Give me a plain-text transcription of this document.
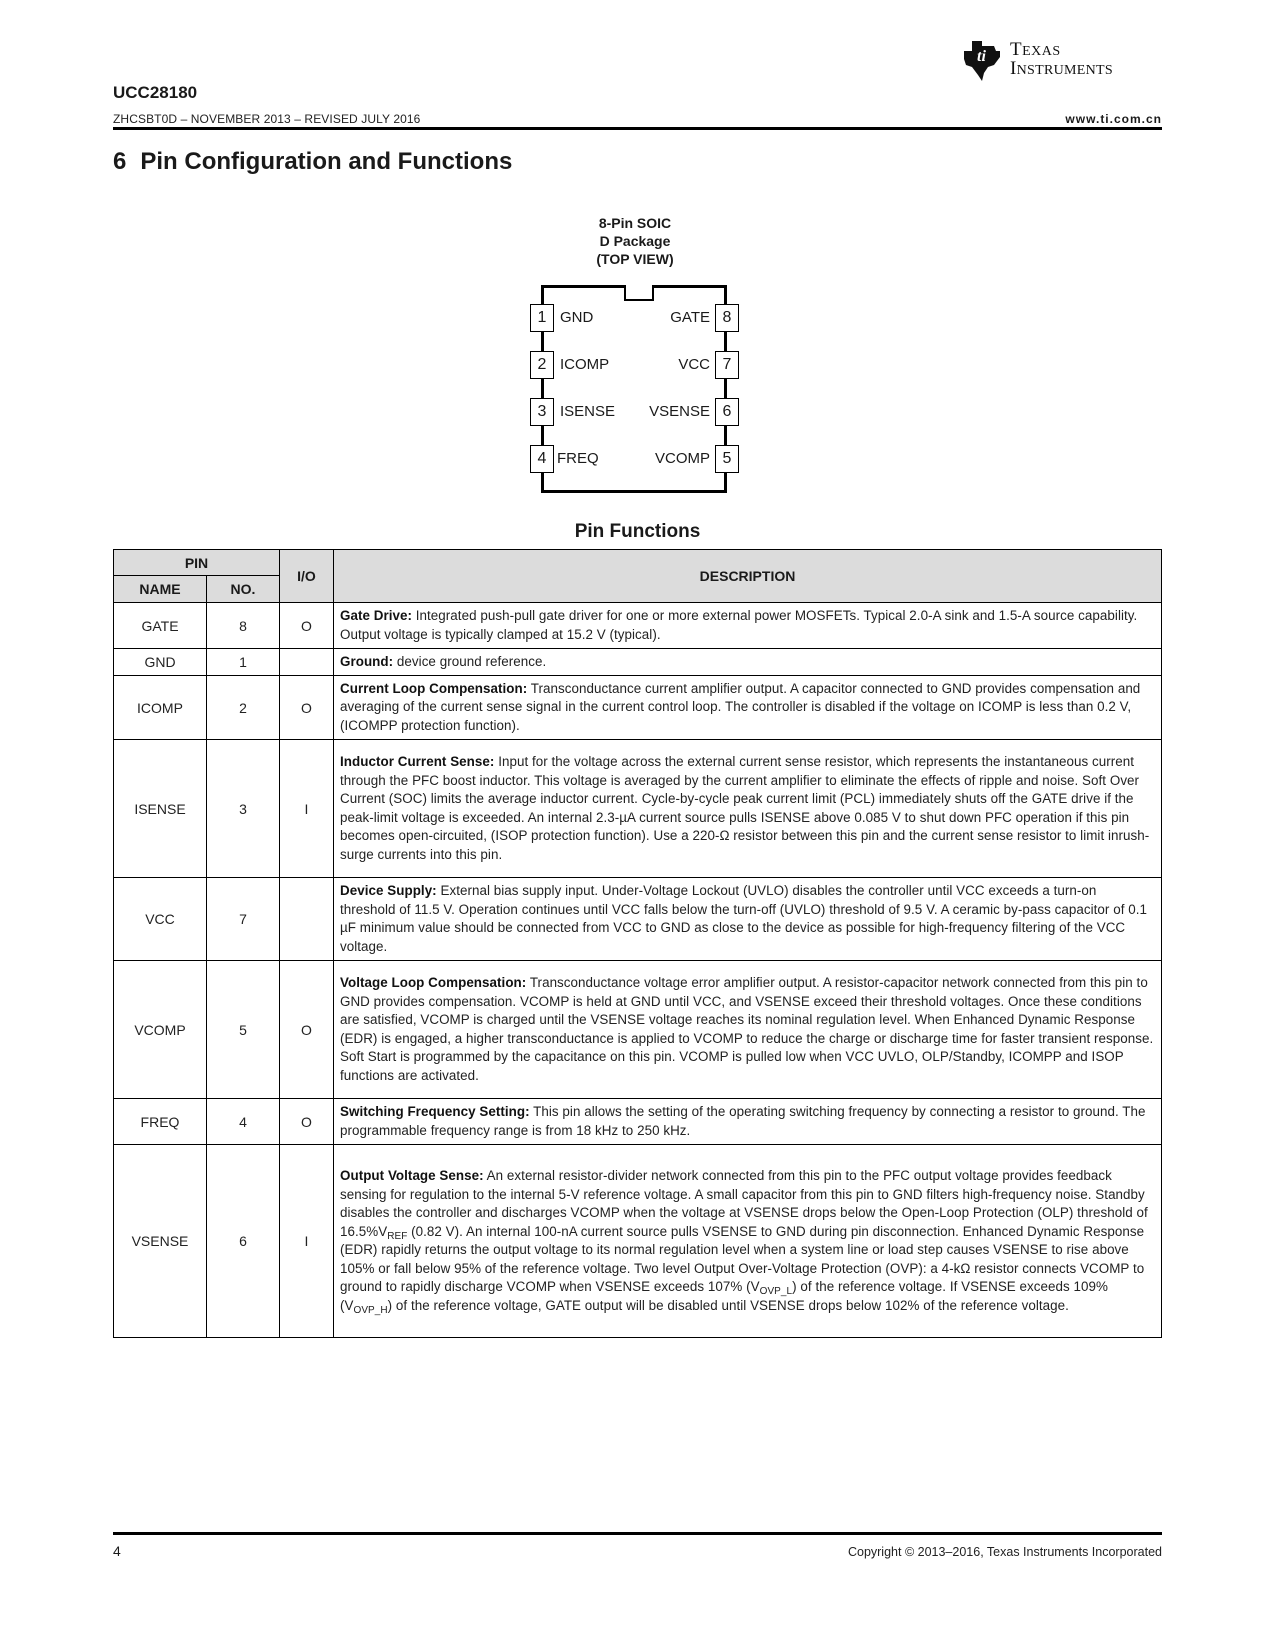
ti TEXAS
INSTRUMENTS
UCC28180
ZHCSBT0D – NOVEMBER 2013 – REVISED JULY 2016	www.ti.com.cn
6 Pin Configuration and Functions
8-Pin SOIC
D Package
(TOP VIEW)
1 GND
2 ICOMP
3 ISENSE
4 FREQ
8
GATE
7
VCC
6
VSENSE
5
VCOMP
Pin Functions
PIN		I/O	DESCRIPTION
NAME	NO.		
GATE	8	O	Gate Drive: Integrated push-pull gate driver for one or more external power MOSFETs. Typical 2.0-A sink and 1.5-A source capability. Output voltage is typically clamped at 15.2 V (typical).
GND	1		Ground: device ground reference.
ICOMP	2	O	Current Loop Compensation: Transconductance current amplifier output. A capacitor connected to GND provides compensation and averaging of the current sense signal in the current control loop. The controller is disabled if the voltage on ICOMP is less than 0.2 V, (ICOMPP protection function).
ISENSE	3	I	Inductor Current Sense: Input for the voltage across the external current sense resistor, which represents the instantaneous current through the PFC boost inductor. This voltage is averaged by the current amplifier to eliminate the effects of ripple and noise. Soft Over Current (SOC) limits the average inductor current. Cycle-by-cycle peak current limit (PCL) immediately shuts off the GATE drive if the peak-limit voltage is exceeded. An internal 2.3-µA current source pulls ISENSE above 0.085 V to shut down PFC operation if this pin becomes open-circuited, (ISOP protection function). Use a 220-Ω resistor between this pin and the current sense resistor to limit inrush-surge currents into this pin.
VCC	7		Device Supply: External bias supply input. Under-Voltage Lockout (UVLO) disables the controller until VCC exceeds a turn-on threshold of 11.5 V. Operation continues until VCC falls below the turn-off (UVLO) threshold of 9.5 V. A ceramic by-pass capacitor of 0.1 µF minimum value should be connected from VCC to GND as close to the device as possible for high-frequency filtering of the VCC voltage.
VCOMP	5	O	Voltage Loop Compensation: Transconductance voltage error amplifier output. A resistor-capacitor network connected from this pin to GND provides compensation. VCOMP is held at GND until VCC, and VSENSE exceed their threshold voltages. Once these conditions are satisfied, VCOMP is charged until the VSENSE voltage reaches its nominal regulation level. When Enhanced Dynamic Response (EDR) is engaged, a higher transconductance is applied to VCOMP to reduce the charge or discharge time for faster transient response. Soft Start is programmed by the capacitance on this pin. VCOMP is pulled low when VCC UVLO, OLP/Standby, ICOMPP and ISOP functions are activated.
FREQ	4	O	Switching Frequency Setting: This pin allows the setting of the operating switching frequency by connecting a resistor to ground. The programmable frequency range is from 18 kHz to 250 kHz.
VSENSE	6	I	Output Voltage Sense: An external resistor-divider network connected from this pin to the PFC output voltage provides feedback sensing for regulation to the internal 5-V reference voltage. A small capacitor from this pin to GND filters high-frequency noise. Standby disables the controller and discharges VCOMP when the voltage at VSENSE drops below the Open-Loop Protection (OLP) threshold of $16.5\%V_{REF}$ (0.82 V). An internal 100-nA current source pulls VSENSE to GND during pin disconnection. Enhanced Dynamic Response (EDR) rapidly returns the output voltage to its normal regulation level when a system line or load step causes VSENSE to rise above 105% or fall below 95% of the reference voltage. Two level Output Over-Voltage Protection (OVP): a 4-kΩ resistor connects VCOMP to ground to rapidly discharge VCOMP when VSENSE exceeds 107% $(V_{OVP\_L})$ of the reference voltage. If VSENSE exceeds 109% $(V_{OVP\_H})$ of the reference voltage, GATE output will be disabled until VSENSE drops below 102% of the reference voltage.
4	Copyright © 2013–2016, Texas Instruments Incorporated
